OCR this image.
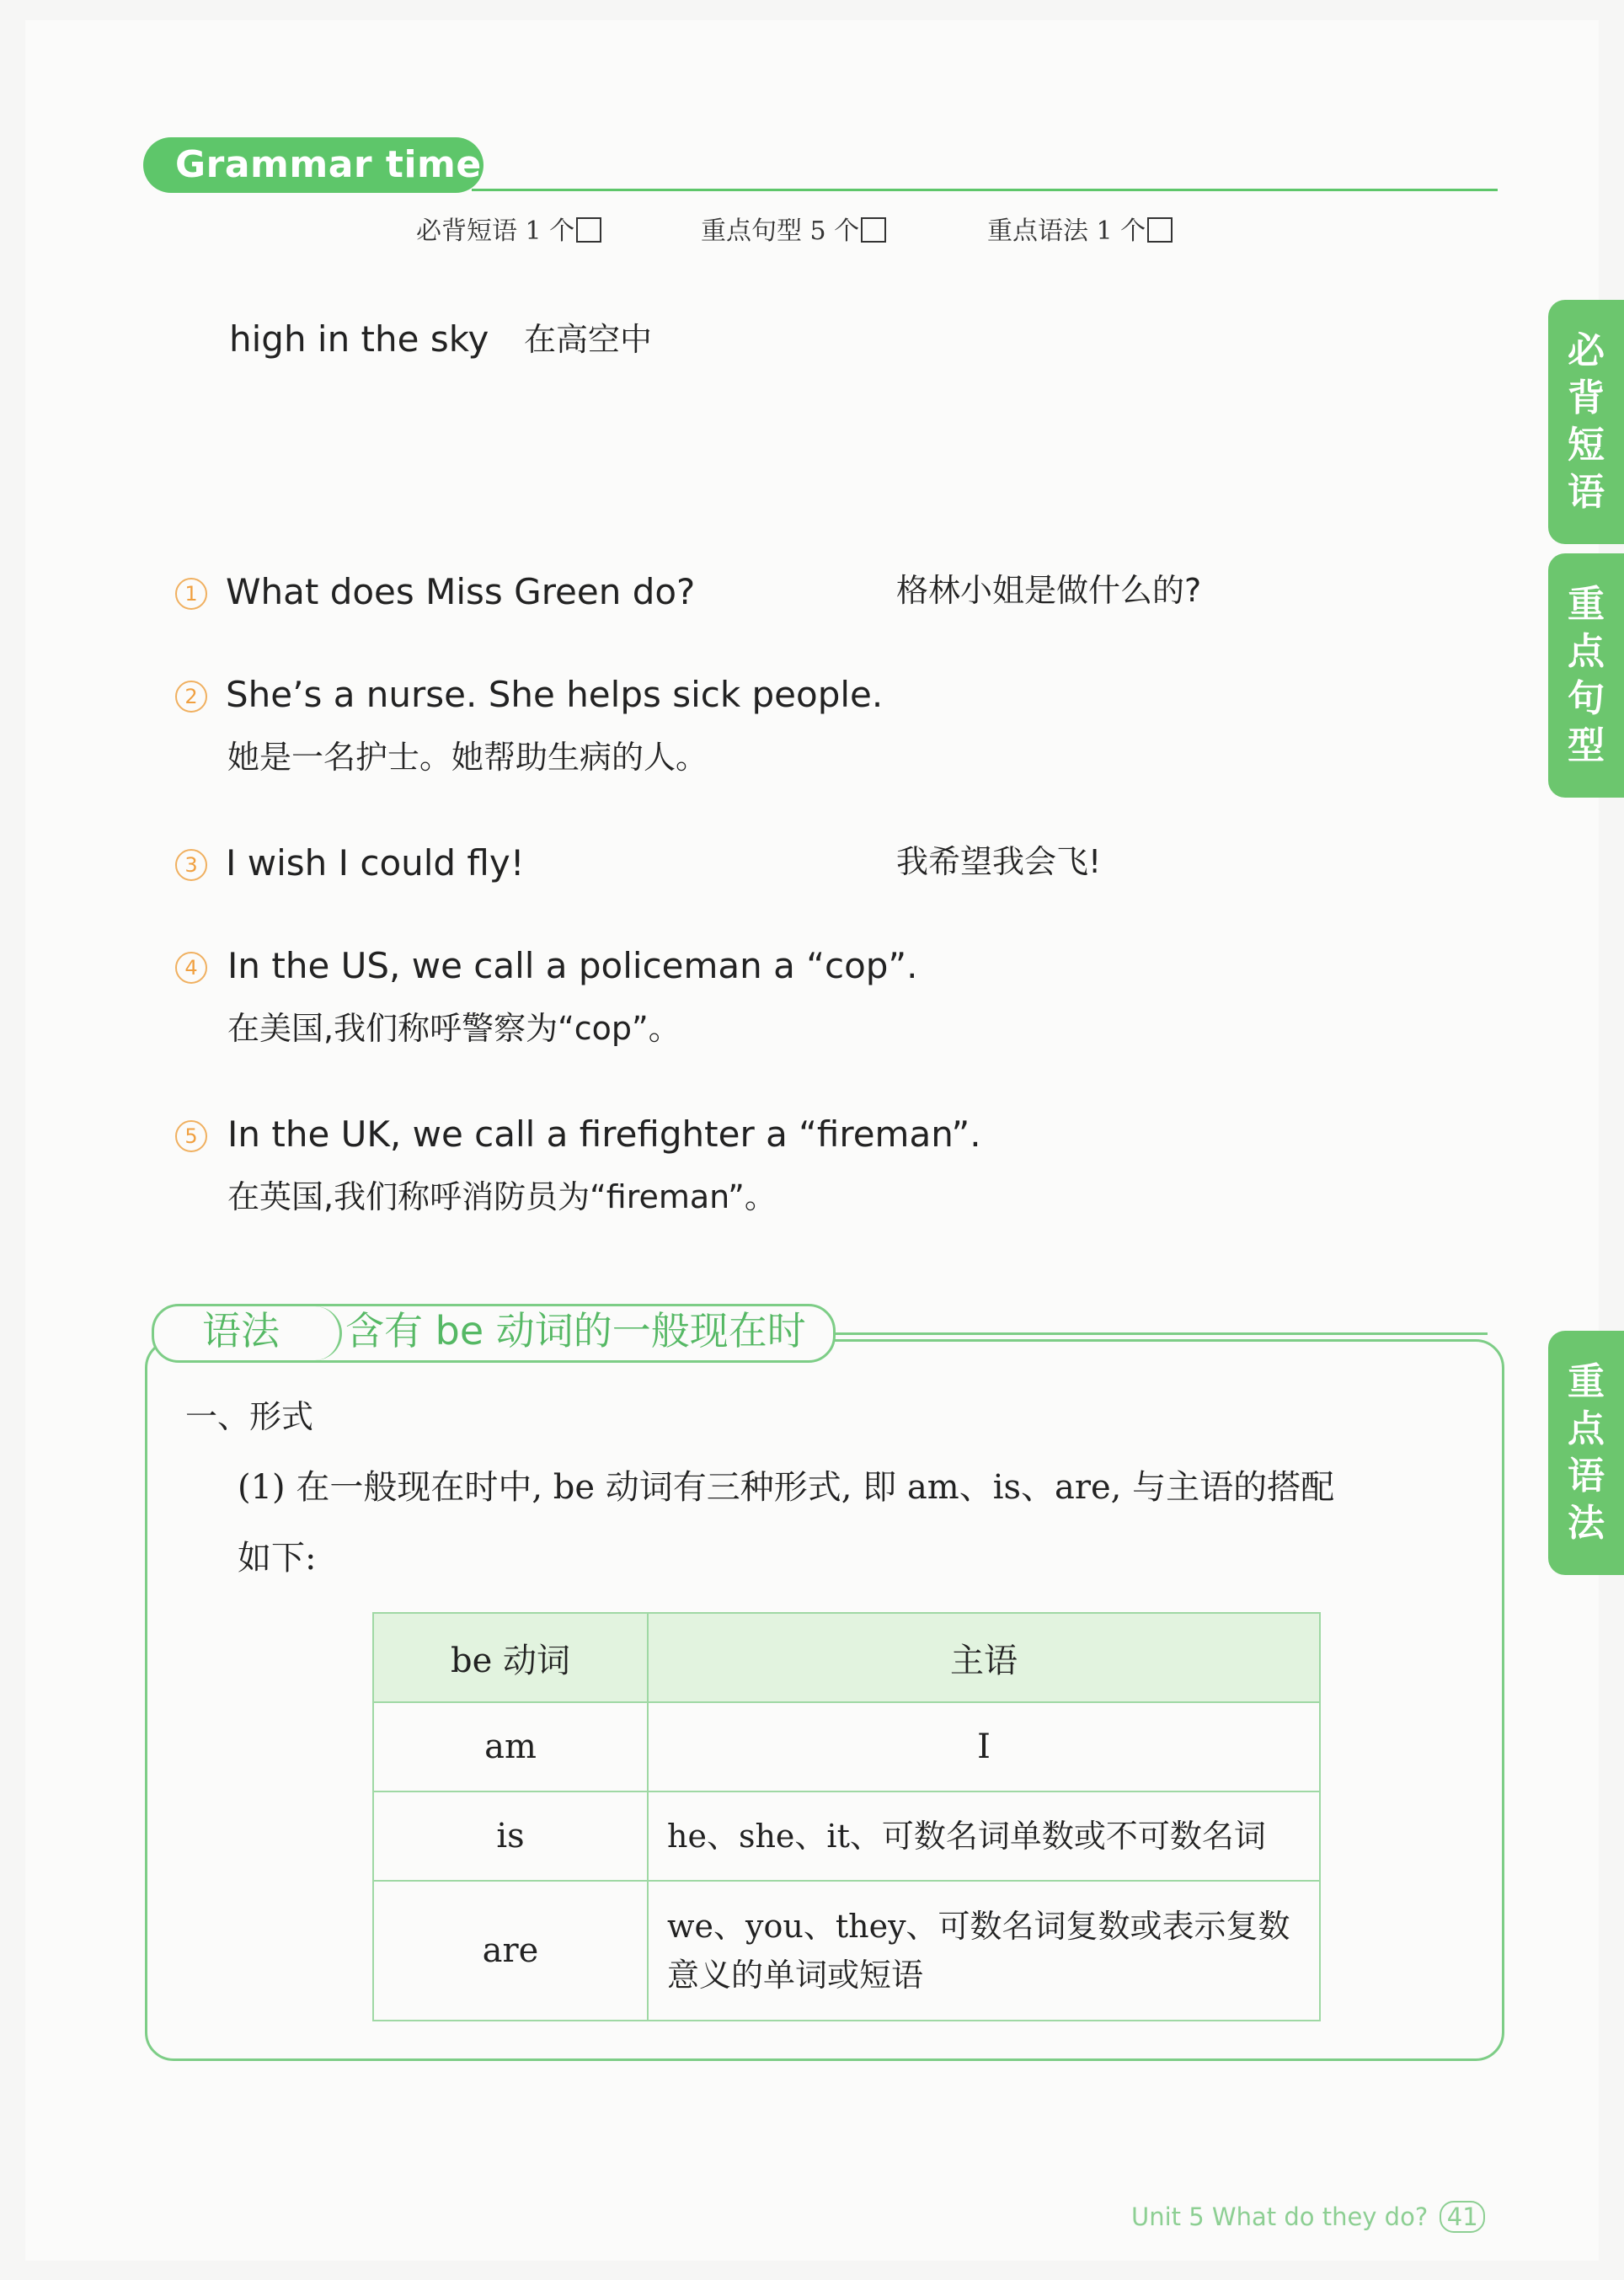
Grammar time
必背短语 1 个	重点句型 5 个	重点语法 1 个
必背短语
重点句型
重点语法
high in the sky 在高空中
1 What does Miss Green do?	格林小姐是做什么的?
2 She’s a nurse. She helps sick people.
她是一名护士。她帮助生病的人。
3 I wish I could fly!	我希望我会飞!
4 In the US, we call a policeman a “cop”.
在美国,我们称呼警察为“cop”。
5 In the UK, we call a firefighter a “fireman”.
在英国,我们称呼消防员为“fireman”。
语法 含有 be 动词的一般现在时
一、形式
(1) 在一般现在时中, be 动词有三种形式, 即 am、is、are, 与主语的搭配
如下:
be 动词	主语
am	I
is	he、she、it、可数名词单数或不可数名词
are	we、you、they、可数名词复数或表示复数意义的单词或短语
Unit 5 What do they do? 41
